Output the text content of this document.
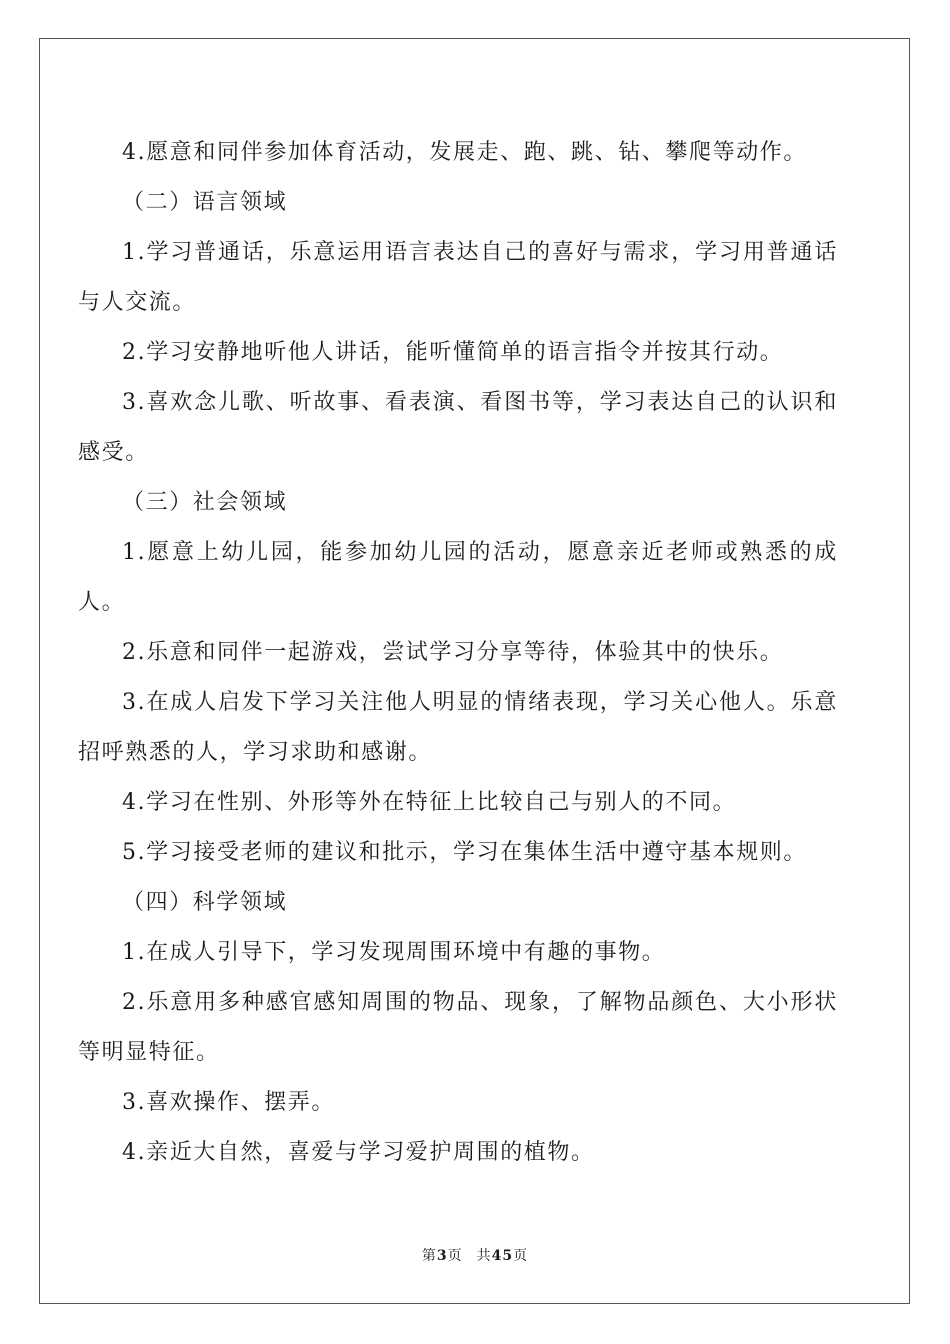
4.愿意和同伴参加体育活动，发展走、跑、跳、钻、攀爬等动作。

（二）语言领域

1.学习普通话，乐意运用语言表达自己的喜好与需求，学习用普通话与人交流。

2.学习安静地听他人讲话，能听懂简单的语言指令并按其行动。

3.喜欢念儿歌、听故事、看表演、看图书等，学习表达自己的认识和感受。

（三）社会领域

1.愿意上幼儿园，能参加幼儿园的活动，愿意亲近老师或熟悉的成人。

2.乐意和同伴一起游戏，尝试学习分享等待，体验其中的快乐。

3.在成人启发下学习关注他人明显的情绪表现，学习关心他人。乐意招呼熟悉的人，学习求助和感谢。

4.学习在性别、外形等外在特征上比较自己与别人的不同。

5.学习接受老师的建议和批示，学习在集体生活中遵守基本规则。

（四）科学领域

1.在成人引导下，学习发现周围环境中有趣的事物。

2.乐意用多种感官感知周围的物品、现象，了解物品颜色、大小形状等明显特征。

3.喜欢操作、摆弄。

4.亲近大自然，喜爱与学习爱护周围的植物。

第3页 共45页
